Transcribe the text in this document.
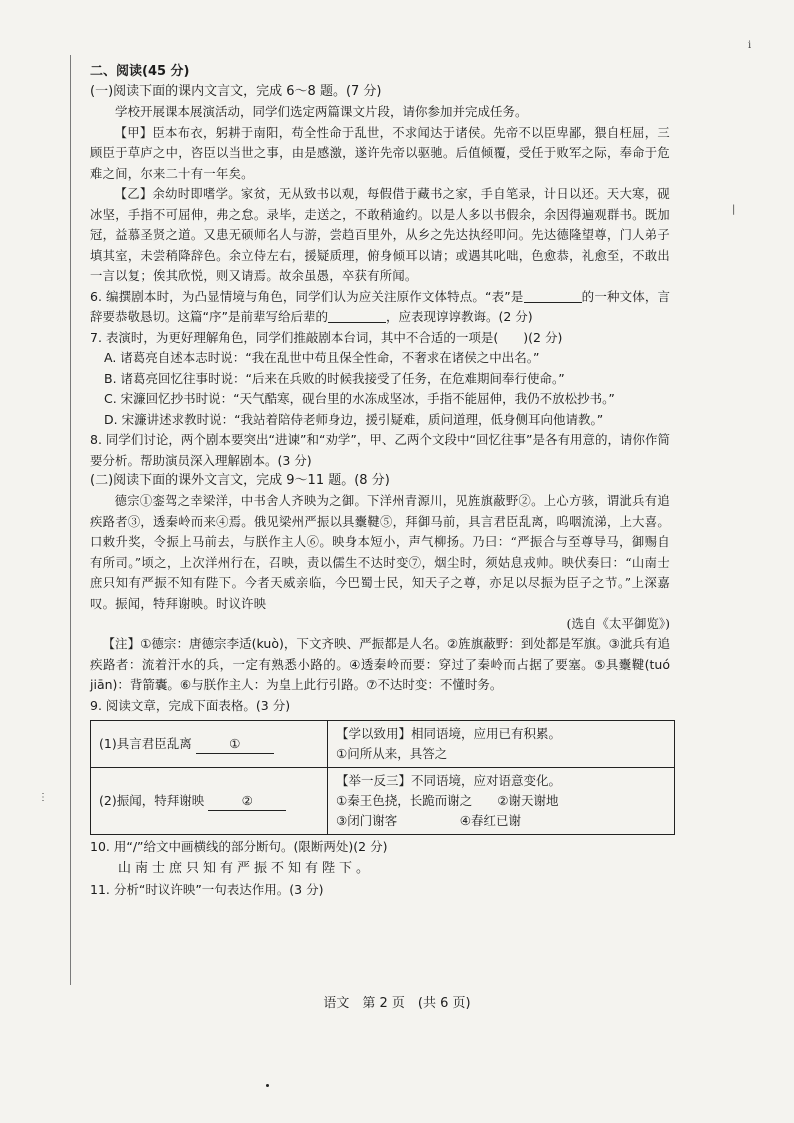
i
|
⋮

二、阅读(45 分)

(一)阅读下面的课内文言文，完成 6～8 题。(7 分)

学校开展课本展演活动，同学们选定两篇课文片段，请你参加并完成任务。

【甲】臣本布衣，躬耕于南阳，苟全性命于乱世，不求闻达于诸侯。先帝不以臣卑鄙，猥自枉屈，三顾臣于草庐之中，咨臣以当世之事，由是感激，遂许先帝以驱驰。后值倾覆，受任于败军之际，奉命于危难之间，尔来二十有一年矣。

【乙】余幼时即嗜学。家贫，无从致书以观，每假借于藏书之家，手自笔录，计日以还。天大寒，砚冰坚，手指不可屈伸，弗之怠。录毕，走送之，不敢稍逾约。以是人多以书假余，余因得遍观群书。既加冠，益慕圣贤之道。又患无硕师名人与游，尝趋百里外，从乡之先达执经叩问。先达德隆望尊，门人弟子填其室，未尝稍降辞色。余立侍左右，援疑质理，俯身倾耳以请；或遇其叱咄，色愈恭，礼愈至，不敢出一言以复；俟其欣悦，则又请焉。故余虽愚，卒获有所闻。

6. 编撰剧本时，为凸显情境与角色，同学们认为应关注原作文体特点。“表”是	的一种文体，言辞要恭敬恳切。这篇“序”是前辈写给后辈的	，应表现谆谆教诲。(2 分)

7. 表演时，为更好理解角色，同学们推敲剧本台词，其中不合适的一项是(　　)(2 分)

A. 诸葛亮自述本志时说：“我在乱世中苟且保全性命，不奢求在诸侯之中出名。”

B. 诸葛亮回忆往事时说：“后来在兵败的时候我接受了任务，在危难期间奉行使命。”

C. 宋濂回忆抄书时说：“天气酷寒，砚台里的水冻成坚冰，手指不能屈伸，我仍不放松抄书。”

D. 宋濂讲述求教时说：“我站着陪侍老师身边，援引疑难，质问道理，低身侧耳向他请教。”

8. 同学们讨论，两个剧本要突出“进谏”和“劝学”，甲、乙两个文段中“回忆往事”是各有用意的，请你作简要分析。帮助演员深入理解剧本。(3 分)

(二)阅读下面的课外文言文，完成 9～11 题。(8 分)

德宗①銮驾之幸梁洋，中书舍人齐映为之御。下洋州青源川，见旌旗蔽野②。上心方骇，谓泚兵有追疾路者③，透秦岭而来④焉。俄见梁州严振以具櫜鞬⑤，拜御马前，具言君臣乱离，呜咽流涕，上大喜。口敕升奖，令振上马前去，与朕作主人⑥。映身本短小，声气柳扬。乃曰：“严振合与至尊导马，御赐自有所司。”顷之，上次洋州行在，召映，责以儒生不达时变⑦，烟尘时，须姑息戎帅。映伏奏曰：“山南士庶只知有严振不知有陛下。今者天威亲临，今巴蜀士民，知天子之尊，亦足以尽振为臣子之节。”上深嘉叹。振闻，特拜谢映。时议许映

(选自《太平御览》)

【注】①德宗：唐德宗李适(kuò)，下文齐映、严振都是人名。②旌旗蔽野：到处都是军旗。③泚兵有追疾路者：流着汗水的兵，一定有熟悉小路的。④透秦岭而要：穿过了秦岭而占据了要塞。⑤具櫜鞬(tuó jiān)：背箭囊。⑥与朕作主人：为皇上此行引路。⑦不达时变：不懂时务。

9. 阅读文章，完成下面表格。(3 分)

(1)具言君臣乱离 ①	【学以致用】相同语境，应用已有积累。
①问所从来，具答之

(2)振闻，特拜谢映 ②	【举一反三】不同语境，应对语意变化。
①秦王色挠，长跪而谢之　　 ②谢天谢地
③闭门谢客　　　　　 ④春红已谢

10. 用“/”给文中画横线的部分断句。(限断两处)(2 分)

山南士庶只知有严振不知有陛下。

11. 分析“时议许映”一句表达作用。(3 分)

语文　第 2 页　(共 6 页)
